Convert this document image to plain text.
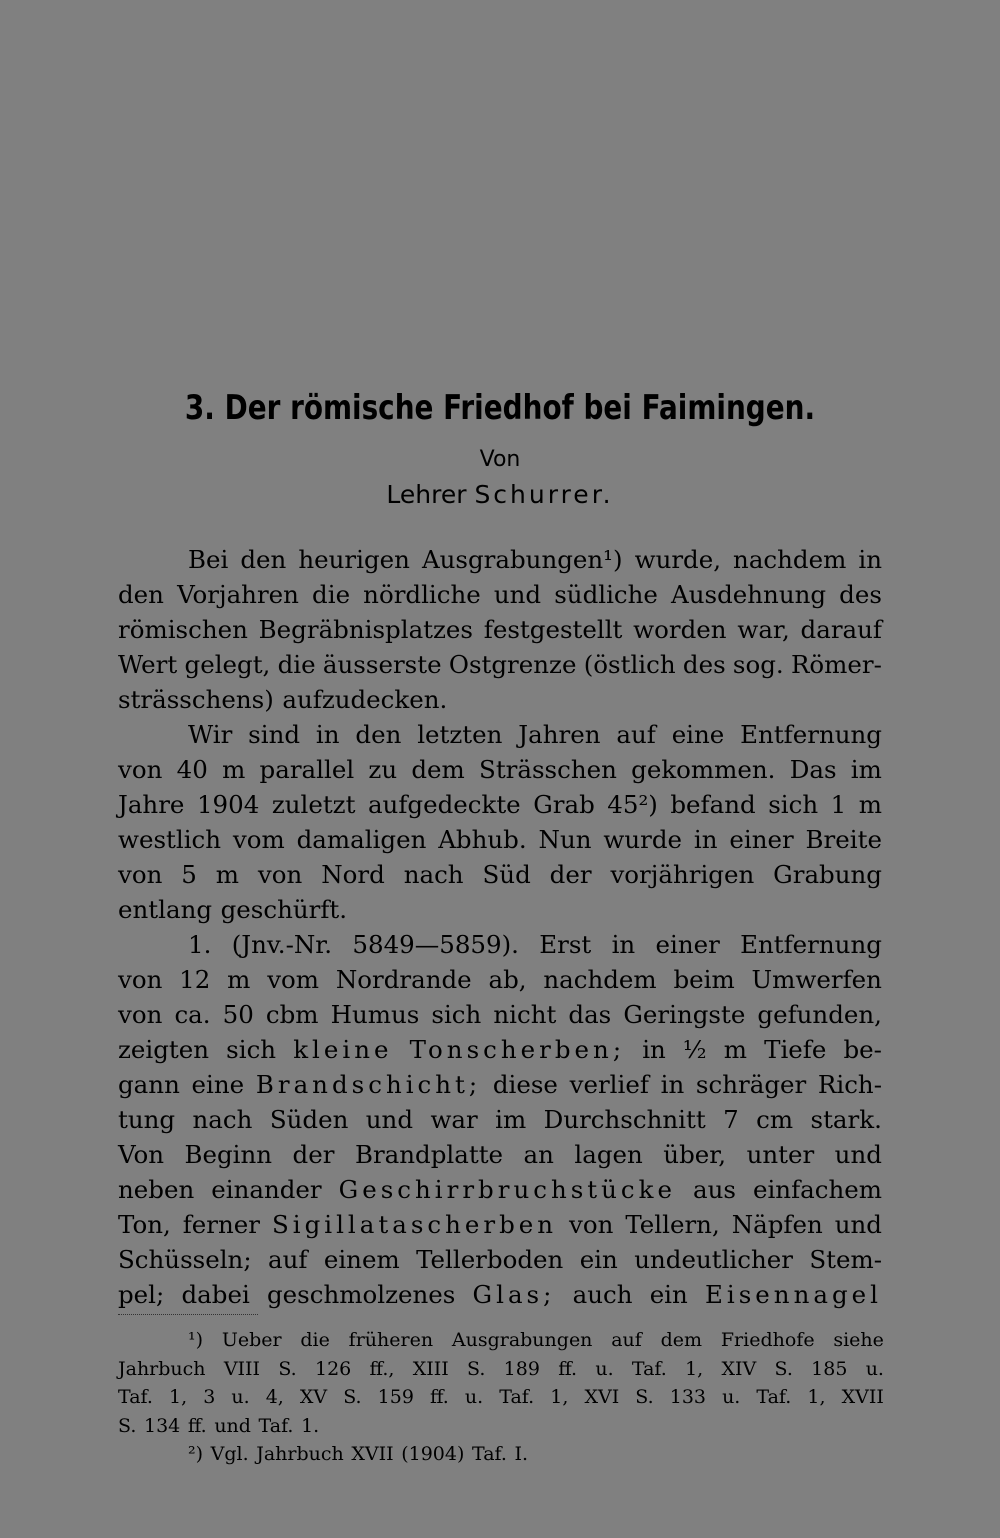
3. Der römische Friedhof bei Faimingen.
Von
Lehrer Schurrer.
Bei den heurigen Ausgrabungen¹) wurde, nachdem in
den Vorjahren die nördliche und südliche Ausdehnung des
römischen Begräbnisplatzes festgestellt worden war, darauf
Wert gelegt, die äusserste Ostgrenze (östlich des sog. Römer-
strässchens) aufzudecken.
Wir sind in den letzten Jahren auf eine Entfernung
von 40 m parallel zu dem Strässchen gekommen. Das im
Jahre 1904 zuletzt aufgedeckte Grab 45²) befand sich 1 m
westlich vom damaligen Abhub. Nun wurde in einer Breite
von 5 m von Nord nach Süd der vorjährigen Grabung
entlang geschürft.
1. (Jnv.-Nr. 5849—5859). Erst in einer Entfernung
von 12 m vom Nordrande ab, nachdem beim Umwerfen
von ca. 50 cbm Humus sich nicht das Geringste gefunden,
zeigten sich kleine Tonscherben; in ½ m Tiefe be-
gann eine Brandschicht; diese verlief in schräger Rich-
tung nach Süden und war im Durchschnitt 7 cm stark.
Von Beginn der Brandplatte an lagen über, unter und
neben einander Geschirrbruchstücke aus einfachem
Ton, ferner Sigillatascherben von Tellern, Näpfen und
Schüsseln; auf einem Tellerboden ein undeutlicher Stem-
pel; dabei geschmolzenes Glas; auch ein Eisennagel
¹) Ueber die früheren Ausgrabungen auf dem Friedhofe siehe
Jahrbuch VIII S. 126 ff., XIII S. 189 ff. u. Taf. 1, XIV S. 185 u.
Taf. 1, 3 u. 4, XV S. 159 ff. u. Taf. 1, XVI S. 133 u. Taf. 1, XVII
S. 134 ff. und Taf. 1.
²) Vgl. Jahrbuch XVII (1904) Taf. I.
